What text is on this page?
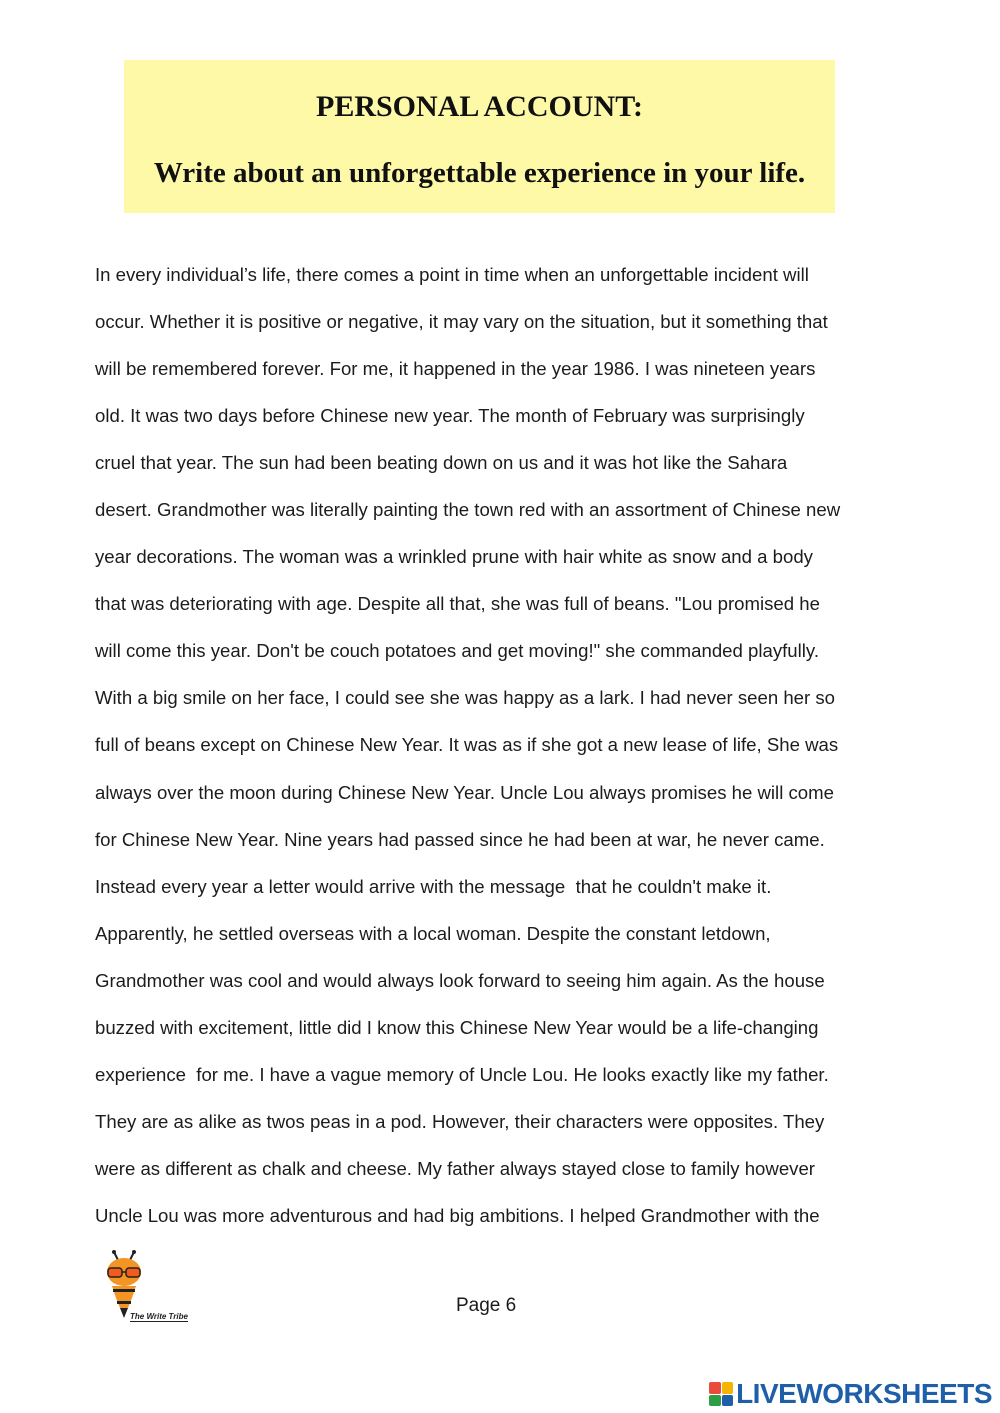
PERSONAL ACCOUNT:
Write about an unforgettable experience in your life.
In every individual’s life, there comes a point in time when an unforgettable incident will
occur. Whether it is positive or negative, it may vary on the situation, but it something that
will be remembered forever. For me, it happened in the year 1986. I was nineteen years
old. It was two days before Chinese new year. The month of February was surprisingly
cruel that year. The sun had been beating down on us and it was hot like the Sahara
desert. Grandmother was literally painting the town red with an assortment of Chinese new
year decorations. The woman was a wrinkled prune with hair white as snow and a body
that was deteriorating with age. Despite all that, she was full of beans. "Lou promised he
will come this year. Don't be couch potatoes and get moving!" she commanded playfully.
With a big smile on her face, I could see she was happy as a lark. I had never seen her so
full of beans except on Chinese New Year. It was as if she got a new lease of life, She was
always over the moon during Chinese New Year. Uncle Lou always promises he will come
for Chinese New Year. Nine years had passed since he had been at war, he never came.
Instead every year a letter would arrive with the message  that he couldn't make it.
Apparently, he settled overseas with a local woman. Despite the constant letdown,
Grandmother was cool and would always look forward to seeing him again. As the house
buzzed with excitement, little did I know this Chinese New Year would be a life-changing
experience  for me. I have a vague memory of Uncle Lou. He looks exactly like my father.
They are as alike as twos peas in a pod. However, their characters were opposites. They
were as different as chalk and cheese. My father always stayed close to family however
Uncle Lou was more adventurous and had big ambitions. I helped Grandmother with the
The Write Tribe
Page 6
LIVEWORKSHEETS
